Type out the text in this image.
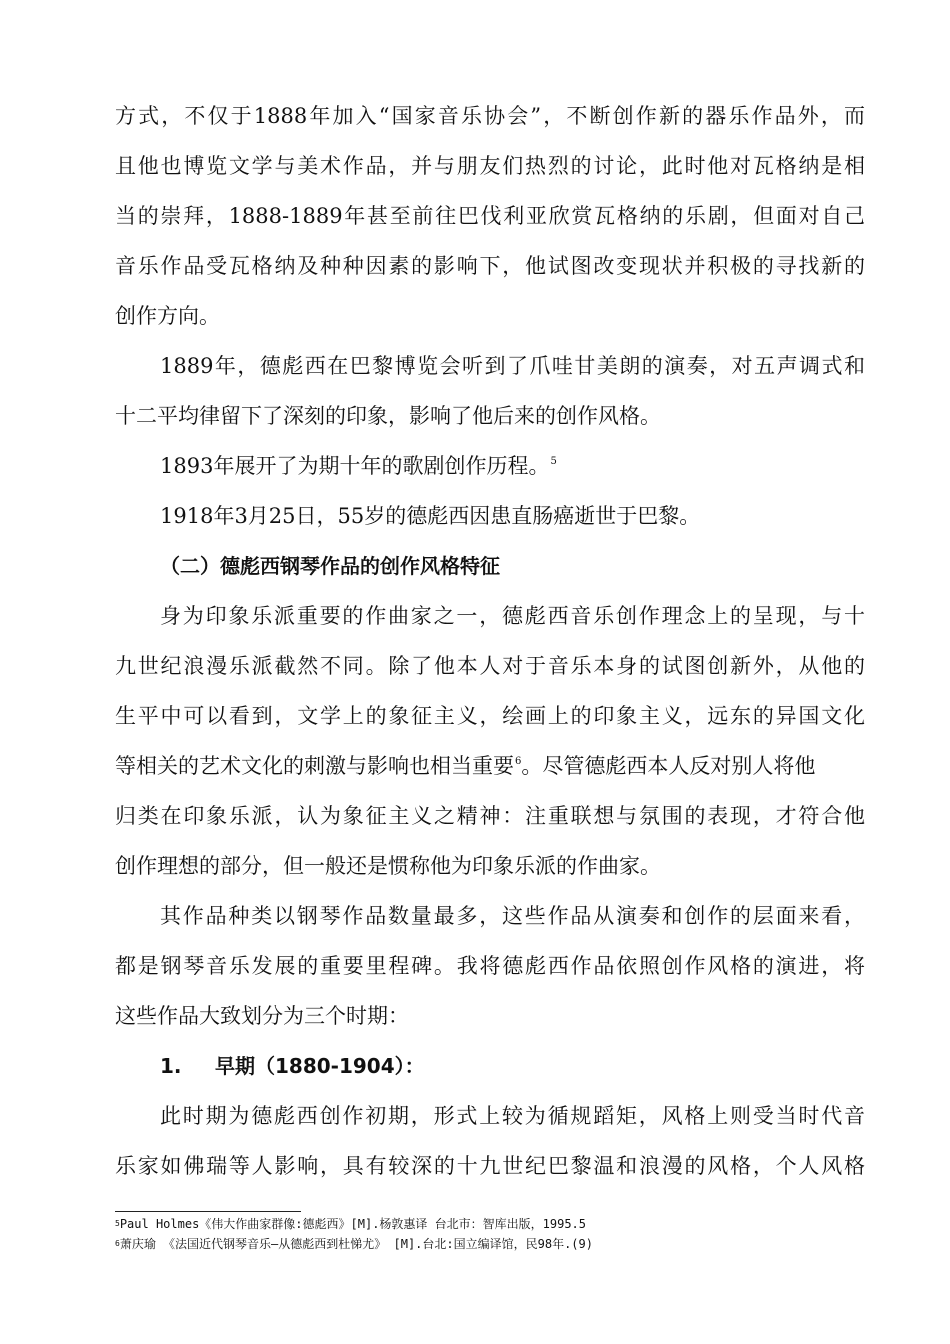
方式，不仅于1888年加入“国家音乐协会”，不断创作新的器乐作品外，而
且他也博览文学与美术作品，并与朋友们热烈的讨论，此时他对瓦格纳是相
当的崇拜，1888-1889年甚至前往巴伐利亚欣赏瓦格纳的乐剧，但面对自己
音乐作品受瓦格纳及种种因素的影响下，他试图改变现状并积极的寻找新的
创作方向。
1889年，德彪西在巴黎博览会听到了爪哇甘美朗的演奏，对五声调式和
十二平均律留下了深刻的印象，影响了他后来的创作风格。
1893年展开了为期十年的歌剧创作历程。$^5$
1918年3月25日，55岁的德彪西因患直肠癌逝世于巴黎。
（二）德彪西钢琴作品的创作风格特征
身为印象乐派重要的作曲家之一，德彪西音乐创作理念上的呈现，与十
九世纪浪漫乐派截然不同。除了他本人对于音乐本身的试图创新外，从他的
生平中可以看到，文学上的象征主义，绘画上的印象主义，远东的异国文化
等相关的艺术文化的刺激与影响也相当重要$^6$。尽管德彪西本人反对别人将他
归类在印象乐派，认为象征主义之精神：注重联想与氛围的表现，才符合他
创作理想的部分，但一般还是惯称他为印象乐派的作曲家。
其作品种类以钢琴作品数量最多，这些作品从演奏和创作的层面来看，
都是钢琴音乐发展的重要里程碑。我将德彪西作品依照创作风格的演进，将
这些作品大致划分为三个时期：
1. 早期（1880-1904）：
此时期为德彪西创作初期，形式上较为循规蹈矩，风格上则受当时代音
乐家如佛瑞等人影响，具有较深的十九世纪巴黎温和浪漫的风格，个人风格
$^5$Paul Holmes《伟大作曲家群像:德彪西》[M].杨敦惠译 台北市：智库出版，1995.5
$^6$萧庆瑜 《法国近代钢琴音乐—从德彪西到杜悌尤》 [M].台北:国立编译馆，民98年.(9)
